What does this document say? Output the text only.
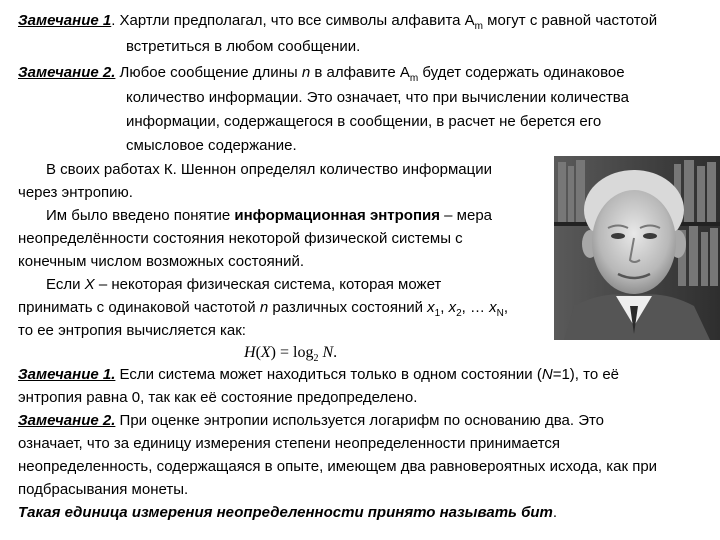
Замечание 1. Хартли предполагал, что все символы алфавита $A_m$ могут с равной частотой
встретиться в любом сообщении.
Замечание 2. Любое сообщение длины n в алфавите $A_m$ будет содержать одинаковое
количество информации. Это означает, что при вычислении количества
информации, содержащегося в сообщении, в расчет не берется его
смысловое содержание.
В своих работах К. Шеннон определял количество информации
через энтропию.
Им было введено понятие информационная энтропия – мера
неопределённости состояния некоторой физической системы с
конечным числом возможных состояний.
Если X – некоторая физическая система, которая может
принимать с одинаковой частотой n различных состояний $x_1$, $x_2$, … $x_N$,
то ее энтропия вычисляется как:
$H(X) = \log_2 N$.
Замечание 1. Если система может находиться только в одном состоянии (N=1), то её
энтропия равна 0, так как её состояние предопределено.
Замечание 2. При оценке энтропии используется логарифм по основанию два. Это
означает, что за единицу измерения степени неопределенности принимается
неопределенность, содержащаяся в опыте, имеющем два равновероятных исхода, как при
подбрасывания монеты.
Такая единица измерения неопределенности принято называть бит.
